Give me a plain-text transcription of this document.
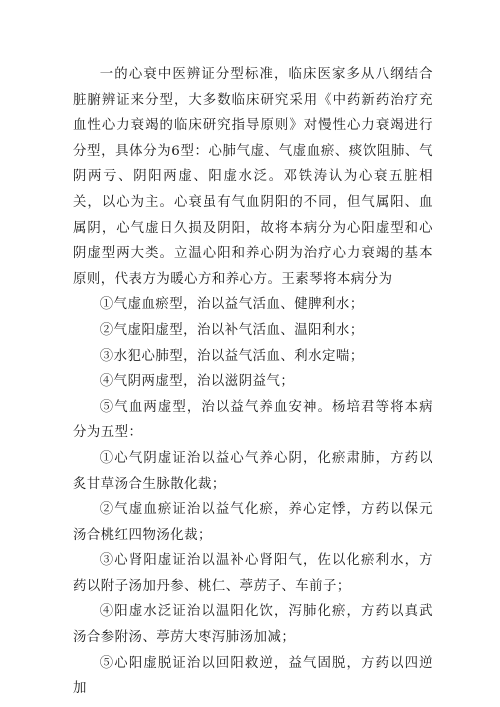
一的心衰中医辨证分型标准，临床医家多从八纲结合脏腑辨证来分型，大多数临床研究采用《中药新药治疗充血性心力衰竭的临床研究指导原则》对慢性心力衰竭进行分型，具体分为6型：心肺气虚、气虚血瘀、痰饮阻肺、气阴两亏、阴阳两虚、阳虚水泛。邓铁涛认为心衰五脏相关，以心为主。心衰虽有气血阴阳的不同，但气属阳、血属阴，心气虚日久损及阴阳，故将本病分为心阳虚型和心阴虚型两大类。立温心阳和养心阴为治疗心力衰竭的基本原则，代表方为暖心方和养心方。王素琴将本病分为

①气虚血瘀型，治以益气活血、健脾利水；

②气虚阳虚型，治以补气活血、温阳利水；

③水犯心肺型，治以益气活血、利水定喘；

④气阴两虚型，治以滋阴益气；

⑤气血两虚型，治以益气养血安神。杨培君等将本病分为五型：

①心气阴虚证治以益心气养心阴，化瘀肃肺，方药以炙甘草汤合生脉散化裁；

②气虚血瘀证治以益气化瘀，养心定悸，方药以保元汤合桃红四物汤化裁；

③心肾阳虚证治以温补心肾阳气，佐以化瘀利水，方药以附子汤加丹参、桃仁、葶苈子、车前子；

④阳虚水泛证治以温阳化饮，泻肺化瘀，方药以真武汤合参附汤、葶苈大枣泻肺汤加减；

⑤心阳虚脱证治以回阳救逆，益气固脱，方药以四逆加
